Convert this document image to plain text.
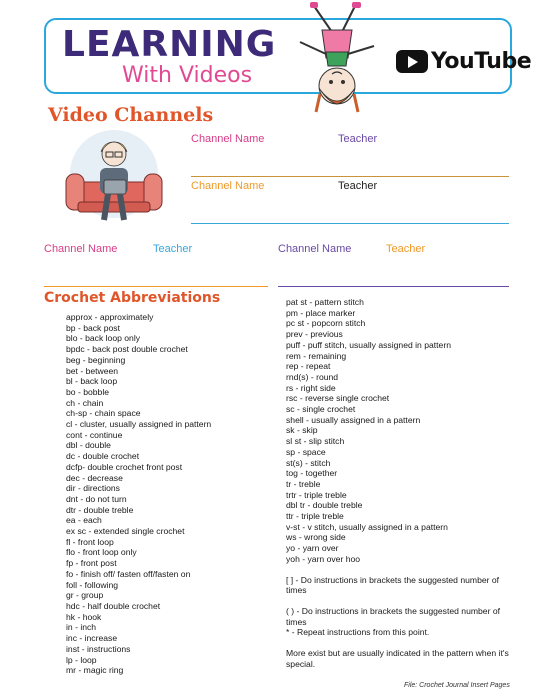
LEARNING
With Videos
YouTube
Video Channels
Channel Name	Teacher
Channel Name	Teacher
Channel Name	Teacher	Channel Name	Teacher
Crochet Abbreviations
approx - approximately
bp - back post
blo - back loop only
bpdc - back post double crochet
beg - beginning
bet - between
bl - back loop
bo - bobble
ch - chain
ch-sp - chain space
cl - cluster, usually assigned in pattern
cont - continue
dbl - double
dc - double crochet
dcfp- double crochet front post
dec - decrease
dir - directions
dnt - do not turn
dtr - double treble
ea - each
ex sc - extended single crochet
fl - front loop
flo - front loop only
fp - front post
fo - finish off/ fasten off/fasten on
foll - following
gr - group
hdc - half double crochet
hk - hook
in - inch
inc - increase
inst - instructions
lp - loop
mr - magic ring
pat st - pattern stitch
pm - place marker
pc st - popcorn stitch
prev - previous
puff - puff stitch, usually assigned in pattern
rem - remaining
rep - repeat
rnd(s) - round
rs - right side
rsc - reverse single crochet
sc - single crochet
shell - usually assigned in a pattern
sk - skip
sl st - slip stitch
sp - space
st(s) - stitch
tog - together
tr - treble
trtr - triple treble
dbl tr - double treble
ttr - triple treble
v-st - v stitch, usually assigned in a pattern
ws - wrong side
yo - yarn over
yoh - yarn over hoo
[ ] - Do instructions in brackets the suggested number of times
( ) - Do instructions in brackets the suggested number of times
* - Repeat instructions from this point.
More exist but are usually indicated in the pattern when it's special.
File: Crochet Journal Insert Pages
